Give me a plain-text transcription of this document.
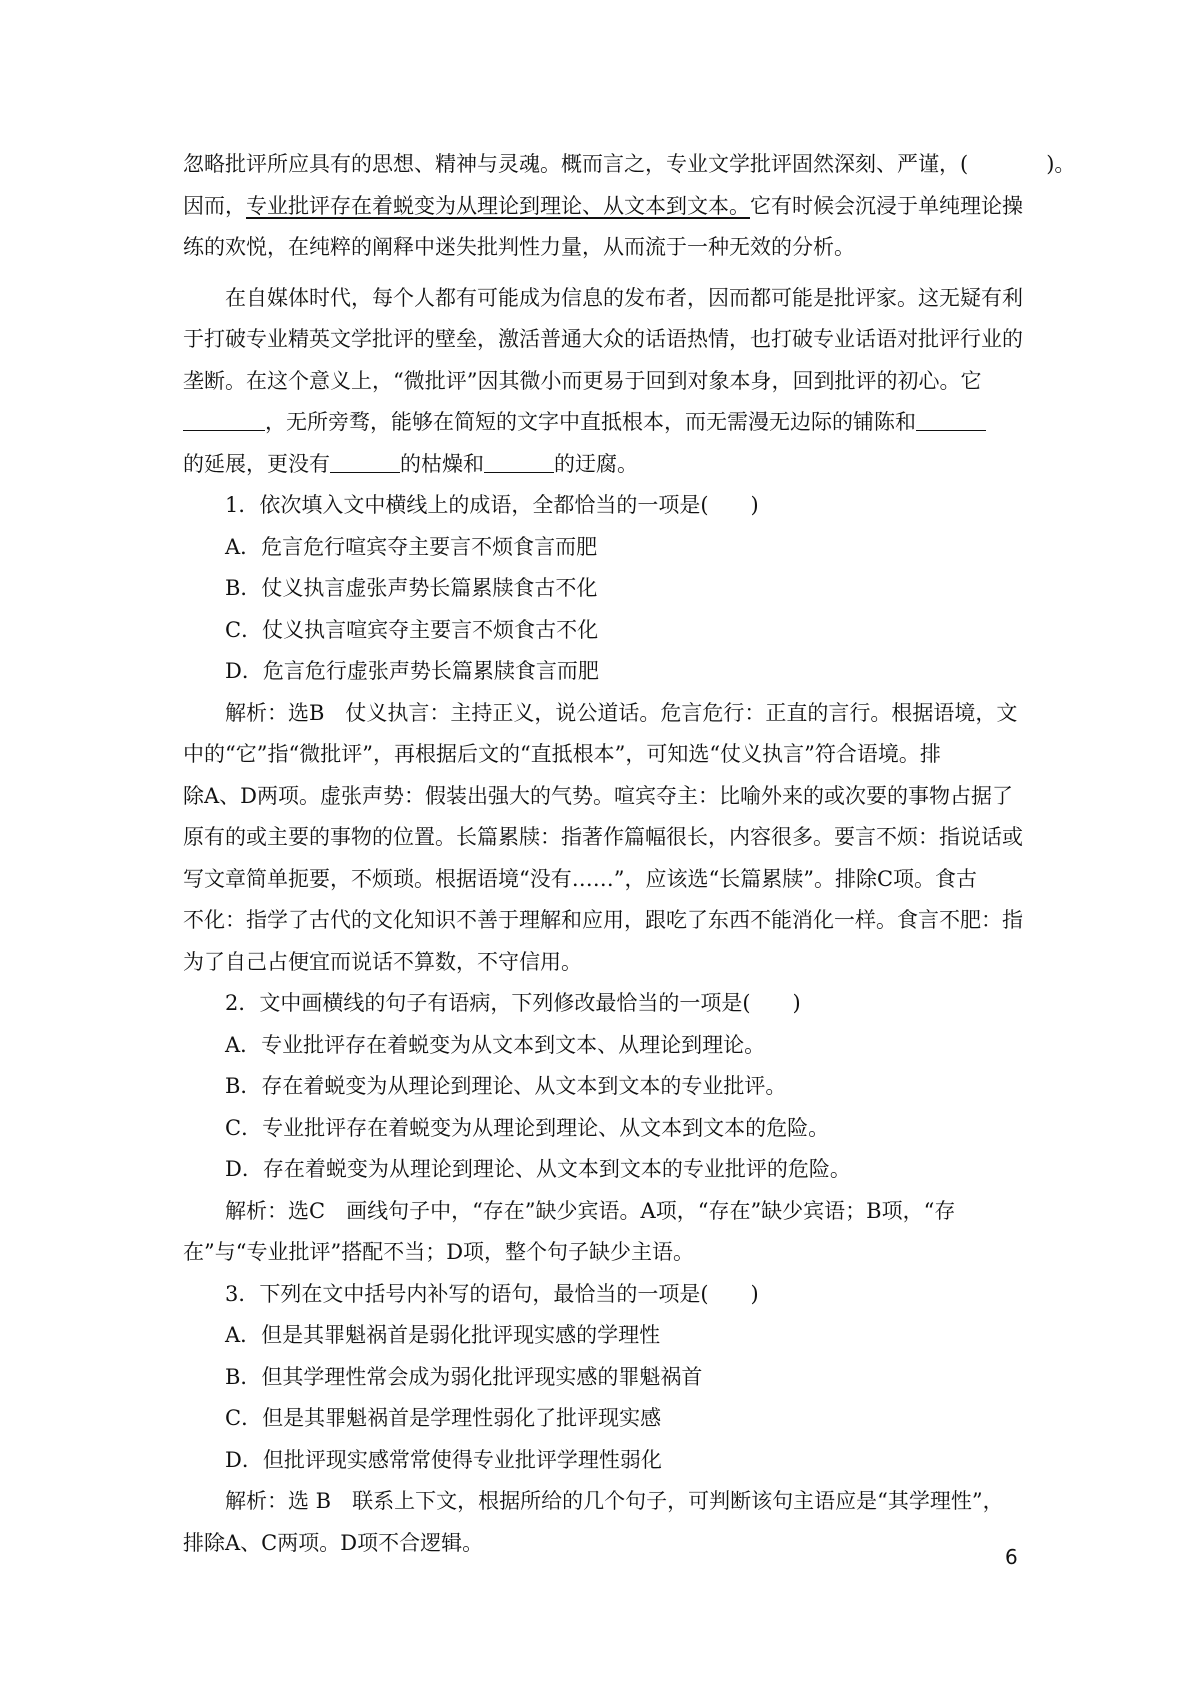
忽略批评所应具有的思想、精神与灵魂。概而言之，专业文学批评固然深刻、严谨，(	)。
因而，专业批评存在着蜕变为从理论到理论、从文本到文本。它有时候会沉浸于单纯理论操
练的欢悦，在纯粹的阐释中迷失批判性力量，从而流于一种无效的分析。
在自媒体时代，每个人都有可能成为信息的发布者，因而都可能是批评家。这无疑有利
于打破专业精英文学批评的壁垒，激活普通大众的话语热情，也打破专业话语对批评行业的
垄断。在这个意义上，“微批评”因其微小而更易于回到对象本身，回到批评的初心。它
，无所旁骛，能够在简短的文字中直抵根本，而无需漫无边际的铺陈和
的延展，更没有	的枯燥和	的迂腐。
1．依次填入文中横线上的成语，全都恰当的一项是(　　)
A．危言危行喧宾夺主要言不烦食言而肥
B．仗义执言虚张声势长篇累牍食古不化
C．仗义执言喧宾夺主要言不烦食古不化
D．危言危行虚张声势长篇累牍食言而肥
解析：选B　仗义执言：主持正义，说公道话。危言危行：正直的言行。根据语境，文
中的“它”指“微批评”，再根据后文的“直抵根本”，可知选“仗义执言”符合语境。排
除A、D两项。虚张声势：假装出强大的气势。喧宾夺主：比喻外来的或次要的事物占据了
原有的或主要的事物的位置。长篇累牍：指著作篇幅很长，内容很多。要言不烦：指说话或
写文章简单扼要，不烦琐。根据语境“没有……”，应该选“长篇累牍”。排除C项。食古
不化：指学了古代的文化知识不善于理解和应用，跟吃了东西不能消化一样。食言不肥：指
为了自己占便宜而说话不算数，不守信用。
2．文中画横线的句子有语病，下列修改最恰当的一项是(　　)
A．专业批评存在着蜕变为从文本到文本、从理论到理论。
B．存在着蜕变为从理论到理论、从文本到文本的专业批评。
C．专业批评存在着蜕变为从理论到理论、从文本到文本的危险。
D．存在着蜕变为从理论到理论、从文本到文本的专业批评的危险。
解析：选C　画线句子中，“存在”缺少宾语。A项，“存在”缺少宾语；B项，“存
在”与“专业批评”搭配不当；D项，整个句子缺少主语。
3．下列在文中括号内补写的语句，最恰当的一项是(　　)
A．但是其罪魁祸首是弱化批评现实感的学理性
B．但其学理性常会成为弱化批评现实感的罪魁祸首
C．但是其罪魁祸首是学理性弱化了批评现实感
D．但批评现实感常常使得专业批评学理性弱化
解析：选 B　联系上下文，根据所给的几个句子，可判断该句主语应是“其学理性”，
排除A、C两项。D项不合逻辑。
6
